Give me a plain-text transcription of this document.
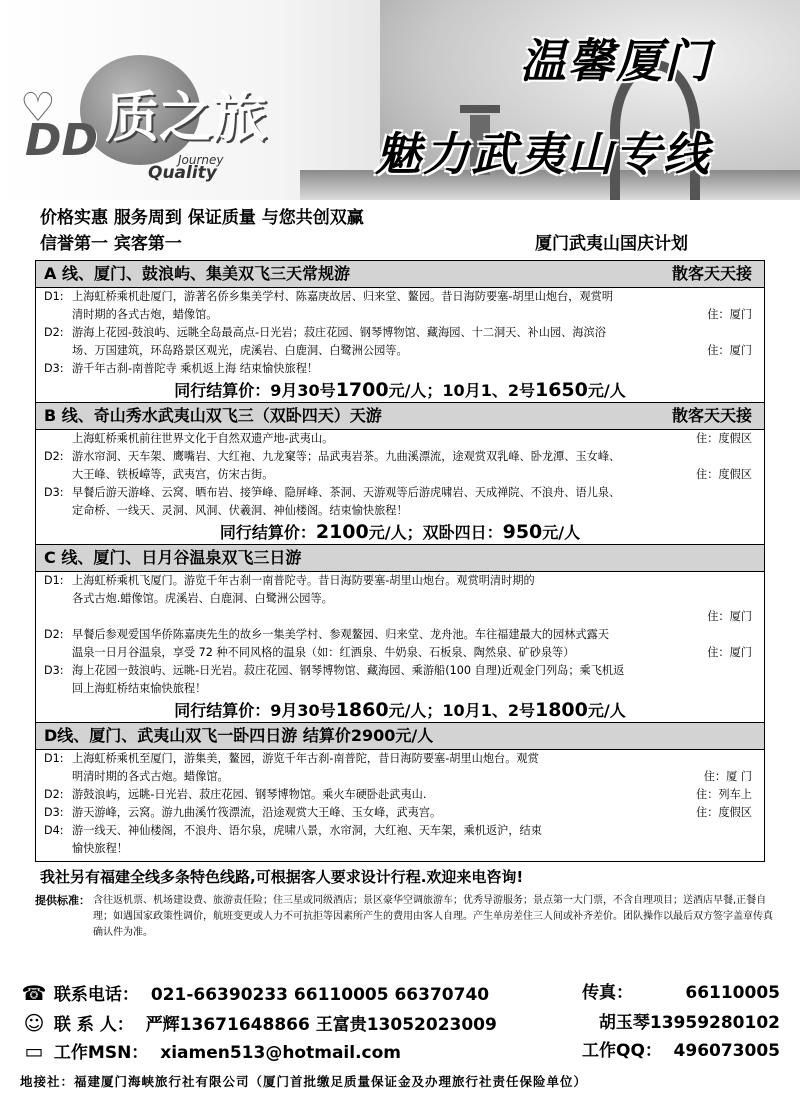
♡
DD 质之旅
Journey
Quality
温馨厦门
魅力武夷山专线
价格实惠 服务周到 保证质量 与您共创双赢
信誉第一 宾客第一	厦门武夷山国庆计划
A 线、厦门、鼓浪屿、集美双飞三天常规游	散客天天接
D1: 上海虹桥乘机赴厦门，游著名侨乡集美学村、陈嘉庚故居、归来堂、鳌园。昔日海防要塞-胡里山炮台，观赏明
清时期的各式古炮，蜡像馆。	住：厦门
D2: 游海上花园-鼓浪屿、远眺全岛最高点-日光岩；菽庄花园、钢琴博物馆、藏海园、十二洞天、补山园、海滨浴
场、万国建筑，环岛路景区观光，虎溪岩、白鹿洞、白鹭洲公园等。	住：厦门
D3: 游千年古刹-南普陀寺 乘机返上海 结束愉快旅程！
同行结算价：9月30号1700元/人；10月1、2号1650元/人
B 线、奇山秀水武夷山双飞三（双卧四天）天游	散客天天接
上海虹桥乘机前往世界文化于自然双遗产地-武夷山。	住：度假区
D2: 游水帘洞、天车架、鹰嘴岩、大红袍、九龙窠等；品武夷岩茶。九曲溪漂流，途观赏双乳峰、卧龙潭、玉女峰、
大王峰、铁板嶂等，武夷宫，仿宋古街。	住：度假区
D3: 早餐后游天游峰、云窝、晒布岩、接笋峰、隐屏峰、茶洞、天游观等后游虎啸岩、天成禅院、不浪舟、语儿泉、
定命桥、一线天、灵洞、风洞、伏羲洞、神仙楼阁。结束愉快旅程！
同行结算价：2100元/人；双卧四日：950元/人
C 线、厦门、日月谷温泉双飞三日游
D1: 上海虹桥乘机飞厦门。游览千年古刹一南普陀寺。昔日海防要塞-胡里山炮台。观赏明清时期的
各式古炮.蜡像馆。虎溪岩、白鹿洞、白鹭洲公园等。
住：厦门
D2: 早餐后参观爱国华侨陈嘉庚先生的故乡一集美学村、参观鳌园、归来堂、龙舟池。车往福建最大的园林式露天
温泉一日月谷温泉，享受 72 种不同风格的温泉（如：红酒泉、牛奶泉、石板泉、陶然泉、矿砂泉等）	住：厦门
D3: 海上花园一鼓浪屿、远眺-日光岩。菽庄花园、钢琴博物馆、藏海园、乘游船(100 自理)近观金门列岛；乘飞机返
回上海虹桥结束愉快旅程！
同行结算价：9月30号1860元/人；10月1、2号1800元/人
D线、厦门、武夷山双飞一卧四日游 结算价2900元/人
D1: 上海虹桥乘机至厦门，游集美，鳌园，游览千年古刹-南普陀，昔日海防要塞-胡里山炮台。观赏
明清时期的各式古炮。蜡像馆。	住：厦 门
D2: 游鼓浪屿，远眺-日光岩、菽庄花园、钢琴博物馆。乘火车硬卧赴武夷山.	住：列车上
D3: 游天游峰，云窝。游九曲溪竹筏漂流，沿途观赏大王峰、玉女峰，武夷宫。	住：度假区
D4: 游一线天、神仙楼阁，不浪舟、语尔泉，虎啸八景，水帘洞，大红袍、天车架，乘机返沪，结束
愉快旅程！
我社另有福建全线多条特色线路,可根据客人要求设计行程.欢迎来电咨询!
提供标准： 含往返机票、机场建设费、旅游责任险；住三星或同级酒店；景区豪华空调旅游车；优秀导游服务；景点第一大门票，不含自理项目；送酒店早餐,正餐自理；如遇国家政策性调价，航班变更或人力不可抗拒等因素所产生的费用由客人自理。产生单房差住三人间或补齐差价。团队操作以最后双方签字盖章传真确认件为准。
☎ 联系电话： 021-66390233 66110005 66370740	传真：	66110005
☺ 联 系 人： 严辉13671648866 王富贵13052023009	胡玉琴13959280102
▭ 工作MSN： xiamen513@hotmail.com	工作QQ： 496073005
地接社：福建厦门海峡旅行社有限公司（厦门首批缴足质量保证金及办理旅行社责任保险单位）
